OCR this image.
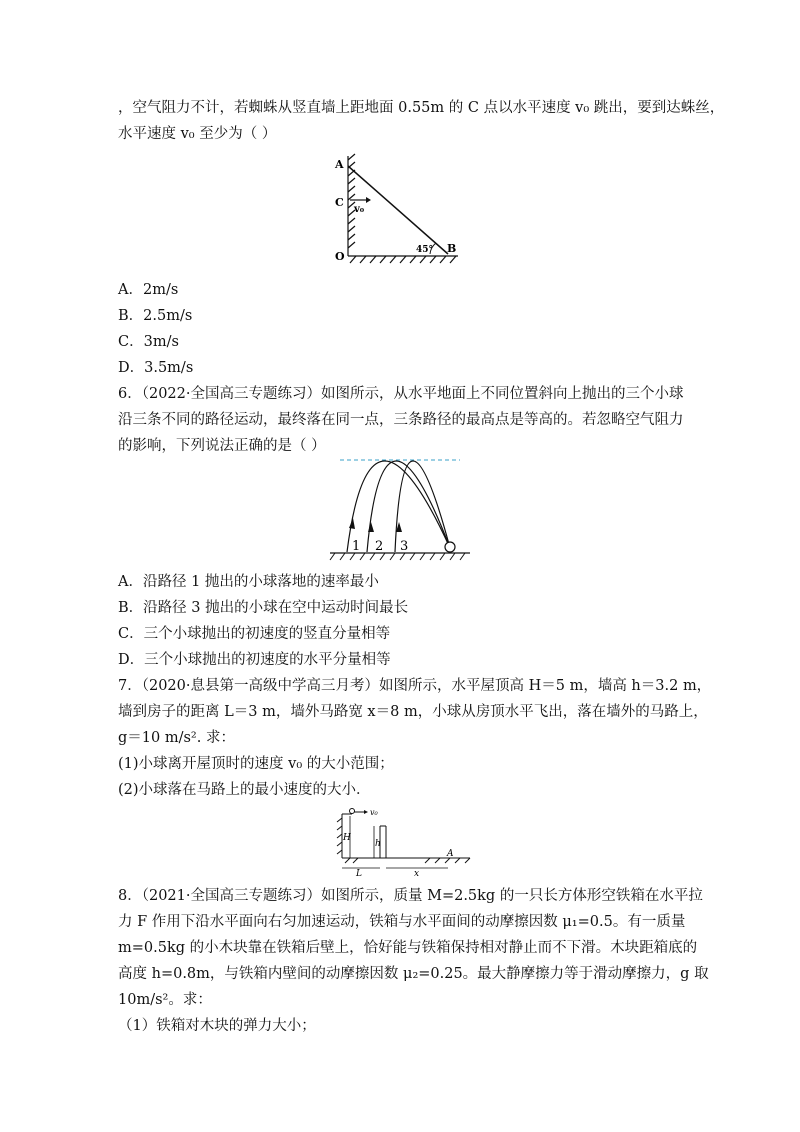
，空气阻力不计，若蜘蛛从竖直墙上距地面 0.55m 的 C 点以水平速度 v₀ 跳出，要到达蛛丝，
水平速度 v₀ 至少为（ ）
A
C
v₀
O
B
45°
A．2m/s
B．2.5m/s
C．3m/s
D．3.5m/s
6．（2022·全国高三专题练习）如图所示，从水平地面上不同位置斜向上抛出的三个小球
沿三条不同的路径运动，最终落在同一点，三条路径的最高点是等高的。若忽略空气阻力
的影响，下列说法正确的是（ ）
1 2 3
A．沿路径 1 抛出的小球落地的速率最小
B．沿路径 3 抛出的小球在空中运动时间最长
C．三个小球抛出的初速度的竖直分量相等
D．三个小球抛出的初速度的水平分量相等
7．（2020·息县第一高级中学高三月考）如图所示，水平屋顶高 H＝5 m，墙高 h＝3.2 m，
墙到房子的距离 L＝3 m，墙外马路宽 x＝8 m，小球从房顶水平飞出，落在墙外的马路上，
g＝10 m/s². 求：
(1)小球离开屋顶时的速度 v₀ 的大小范围；
(2)小球落在马路上的最小速度的大小．
v₀
H
h
L	x
A
8．（2021·全国高三专题练习）如图所示，质量 M=2.5kg 的一只长方体形空铁箱在水平拉
力 F 作用下沿水平面向右匀加速运动，铁箱与水平面间的动摩擦因数 μ₁=0.5。有一质量
m=0.5kg 的小木块靠在铁箱后壁上，恰好能与铁箱保持相对静止而不下滑。木块距箱底的
高度 h=0.8m，与铁箱内壁间的动摩擦因数 μ₂=0.25。最大静摩擦力等于滑动摩擦力，g 取
10m/s²。求：
（1）铁箱对木块的弹力大小；
